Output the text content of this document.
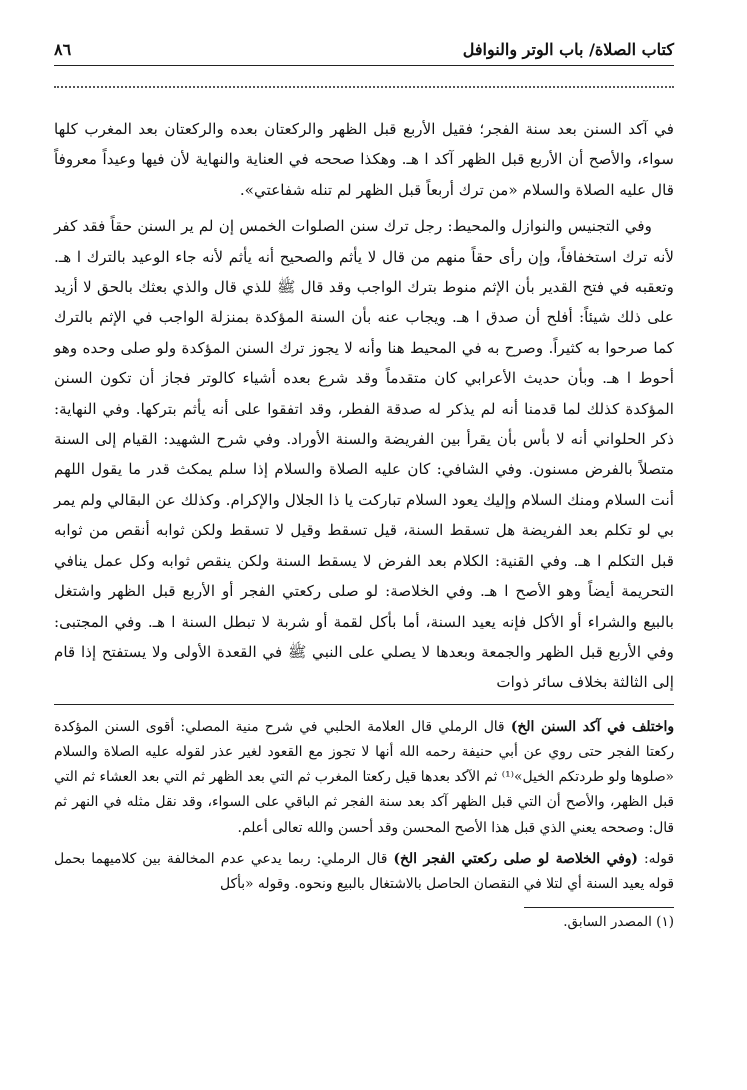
كتاب الصلاة/ باب الوتر والنوافل
٨٦

في آكد السنن بعد سنة الفجر؛ فقيل الأربع قبل الظهر والركعتان بعده والركعتان بعد المغرب كلها سواء، والأصح أن الأربع قبل الظهر آكد ا هـ. وهكذا صححه في العناية والنهاية لأن فيها وعيداً معروفاً قال عليه الصلاة والسلام «من ترك أربعاً قبل الظهر لم تنله شفاعتي».

وفي التجنيس والنوازل والمحيط: رجل ترك سنن الصلوات الخمس إن لم ير السنن حقاً فقد كفر لأنه ترك استخفافاً، وإن رأى حقاً منهم من قال لا يأثم والصحيح أنه يأثم لأنه جاء الوعيد بالترك ا هـ. وتعقبه في فتح القدير بأن الإثم منوط بترك الواجب وقد قال ﷺ للذي قال والذي بعثك بالحق لا أزيد على ذلك شيئاً: أفلح أن صدق ا هـ. ويجاب عنه بأن السنة المؤكدة بمنزلة الواجب في الإثم بالترك كما صرحوا به كثيراً. وصرح به في المحيط هنا وأنه لا يجوز ترك السنن المؤكدة ولو صلى وحده وهو أحوط ا هـ. وبأن حديث الأعرابي كان متقدماً وقد شرع بعده أشياء كالوتر فجاز أن تكون السنن المؤكدة كذلك لما قدمنا أنه لم يذكر له صدقة الفطر، وقد اتفقوا على أنه يأثم بتركها. وفي النهاية: ذكر الحلواني أنه لا بأس بأن يقرأ بين الفريضة والسنة الأوراد. وفي شرح الشهيد: القيام إلى السنة متصلاً بالفرض مسنون. وفي الشافي: كان عليه الصلاة والسلام إذا سلم يمكث قدر ما يقول اللهم أنت السلام ومنك السلام وإليك يعود السلام تباركت يا ذا الجلال والإكرام. وكذلك عن البقالي ولم يمر بي لو تكلم بعد الفريضة هل تسقط السنة، قيل تسقط وقيل لا تسقط ولكن ثوابه أنقص من ثوابه قبل التكلم ا هـ. وفي القنية: الكلام بعد الفرض لا يسقط السنة ولكن ينقص ثوابه وكل عمل ينافي التحريمة أيضاً وهو الأصح ا هـ. وفي الخلاصة: لو صلى ركعتي الفجر أو الأربع قبل الظهر واشتغل بالبيع والشراء أو الأكل فإنه يعيد السنة، أما بأكل لقمة أو شربة لا تبطل السنة ا هـ. وفي المجتبى: وفي الأربع قبل الظهر والجمعة وبعدها لا يصلي على النبي ﷺ في القعدة الأولى ولا يستفتح إذا قام إلى الثالثة بخلاف سائر ذوات

واختلف في آكد السنن الخ) قال الرملي قال العلامة الحلبي في شرح منية المصلي: أقوى السنن المؤكدة ركعتا الفجر حتى روي عن أبي حنيفة رحمه الله أنها لا تجوز مع القعود لغير عذر لقوله عليه الصلاة والسلام «صلوها ولو طردتكم الخيل»⁽¹⁾ ثم الآكد بعدها قيل ركعتا المغرب ثم التي بعد الظهر ثم التي بعد العشاء ثم التي قبل الظهر، والأصح أن التي قبل الظهر آكد بعد سنة الفجر ثم الباقي على السواء، وقد نقل مثله في النهر ثم قال: وصححه يعني الذي قبل هذا الأصح المحسن وقد أحسن والله تعالى أعلم.

قوله: (وفي الخلاصة لو صلى ركعتي الفجر الخ) قال الرملي: ربما يدعي عدم المخالفة بين كلاميهما بحمل قوله يعيد السنة أي لتلا في النقصان الحاصل بالاشتغال بالبيع ونحوه. وقوله «بأكل

(١) المصدر السابق.
